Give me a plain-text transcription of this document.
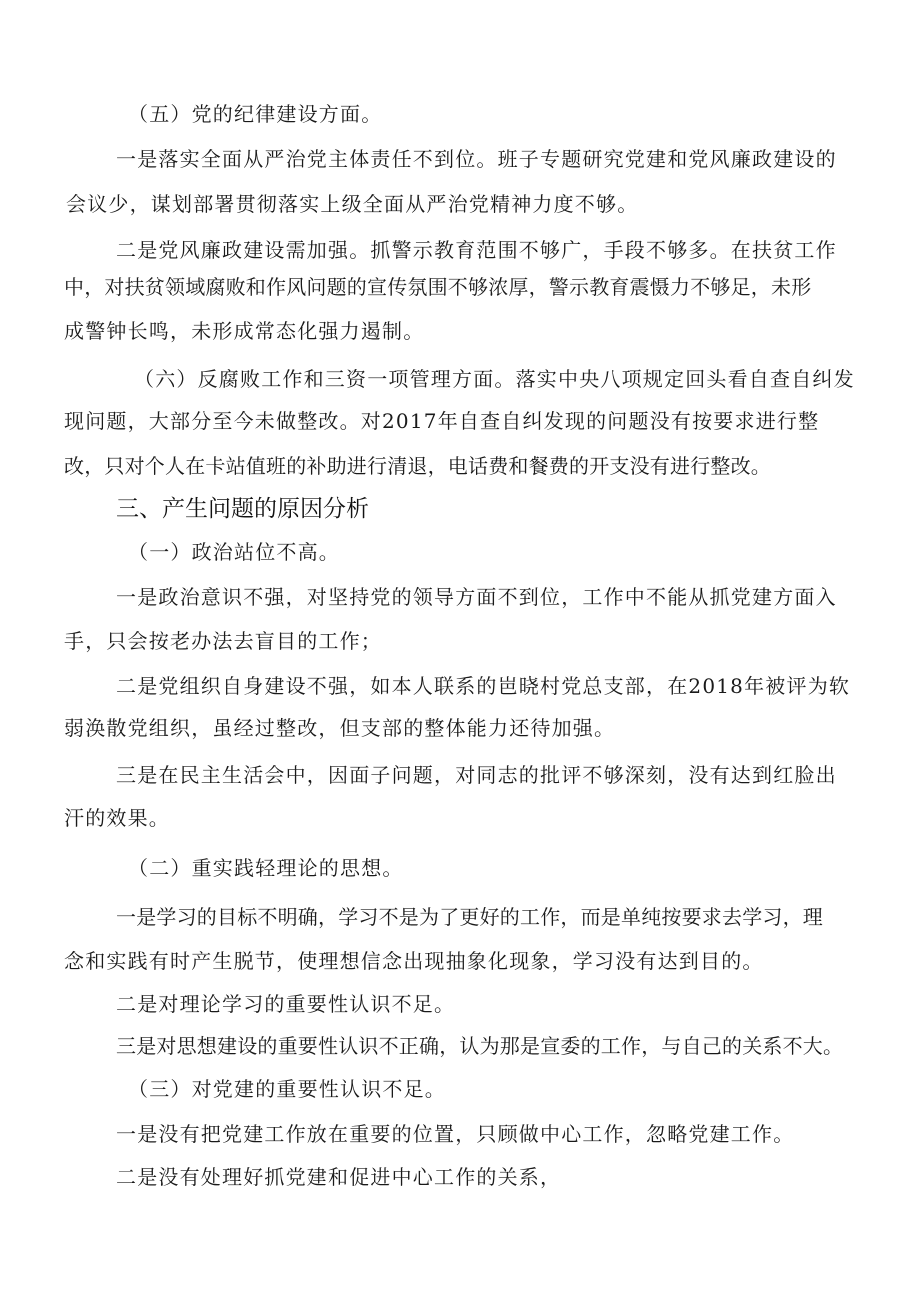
（五）党的纪律建设方面。
一是落实全面从严治党主体责任不到位。班子专题研究党建和党风廉政建设的
会议少，谋划部署贯彻落实上级全面从严治党精神力度不够。
二是党风廉政建设需加强。抓警示教育范围不够广，手段不够多。在扶贫工作
中，对扶贫领域腐败和作风问题的宣传氛围不够浓厚，警示教育震慑力不够足，未形
成警钟长鸣，未形成常态化强力遏制。
（六）反腐败工作和三资一项管理方面。落实中央八项规定回头看自查自纠发
现问题，大部分至今未做整改。对2017年自查自纠发现的问题没有按要求进行整
改，只对个人在卡站值班的补助进行清退，电话费和餐费的开支没有进行整改。
三、产生问题的原因分析
（一）政治站位不高。
一是政治意识不强，对坚持党的领导方面不到位，工作中不能从抓党建方面入
手，只会按老办法去盲目的工作；
二是党组织自身建设不强，如本人联系的岜晓村党总支部，在2018年被评为软
弱涣散党组织，虽经过整改，但支部的整体能力还待加强。
三是在民主生活会中，因面子问题，对同志的批评不够深刻，没有达到红脸出
汗的效果。
（二）重实践轻理论的思想。
一是学习的目标不明确，学习不是为了更好的工作，而是单纯按要求去学习，理
念和实践有时产生脱节，使理想信念出现抽象化现象，学习没有达到目的。
二是对理论学习的重要性认识不足。
三是对思想建设的重要性认识不正确，认为那是宣委的工作，与自己的关系不大。
（三）对党建的重要性认识不足。
一是没有把党建工作放在重要的位置，只顾做中心工作，忽略党建工作。
二是没有处理好抓党建和促进中心工作的关系，
